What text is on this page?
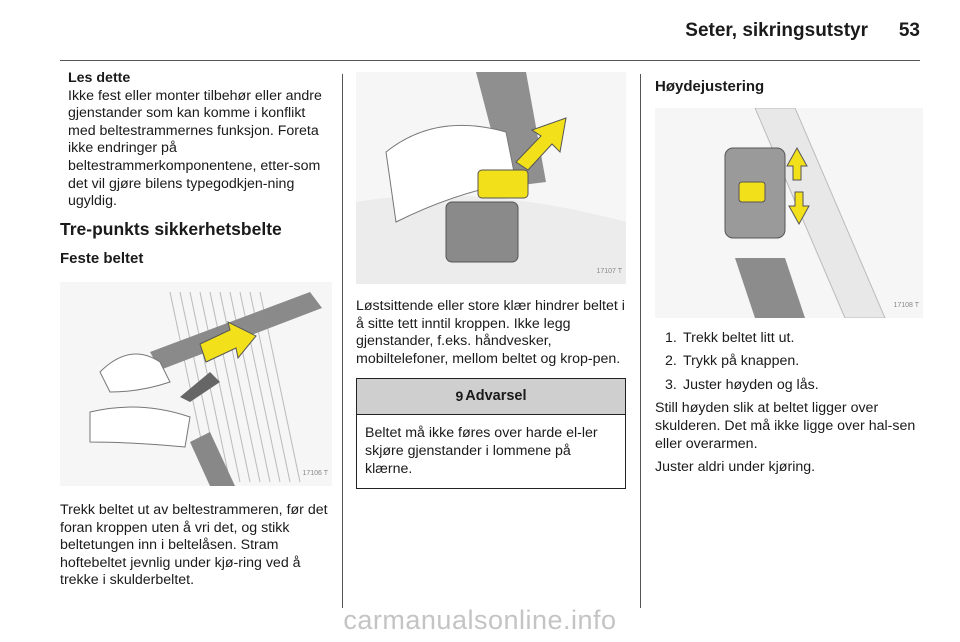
Seter, sikringsutstyr 53
Les dette
Ikke fest eller monter tilbehør eller andre gjenstander som kan komme i konflikt med beltestrammernes funksjon. Foreta ikke endringer på beltestrammerkomponentene, etter-som det vil gjøre bilens typegodkjen-ning ugyldig.
Tre-punkts sikkerhetsbelte
Feste beltet
17106 T

Trekk beltet ut av beltestrammeren, før det foran kroppen uten å vri det, og stikk beltetungen inn i beltelåsen. Stram hoftebeltet jevnlig under kjø-ring ved å trekke i skulderbeltet.

17107 T

Løstsittende eller store klær hindrer beltet i å sitte tett inntil kroppen. Ikke legg gjenstander, f.eks. håndvesker, mobiltelefoner, mellom beltet og krop-pen.

9 Advarsel
Beltet må ikke føres over harde el-ler skjøre gjenstander i lommene på klærne.
Høydejustering
17108 T
1. Trekk beltet litt ut.
2. Trykk på knappen.
3. Juster høyden og lås.

Still høyden slik at beltet ligger over skulderen. Det må ikke ligge over hal-sen eller overarmen.

Juster aldri under kjøring.

carmanualsonline.info
